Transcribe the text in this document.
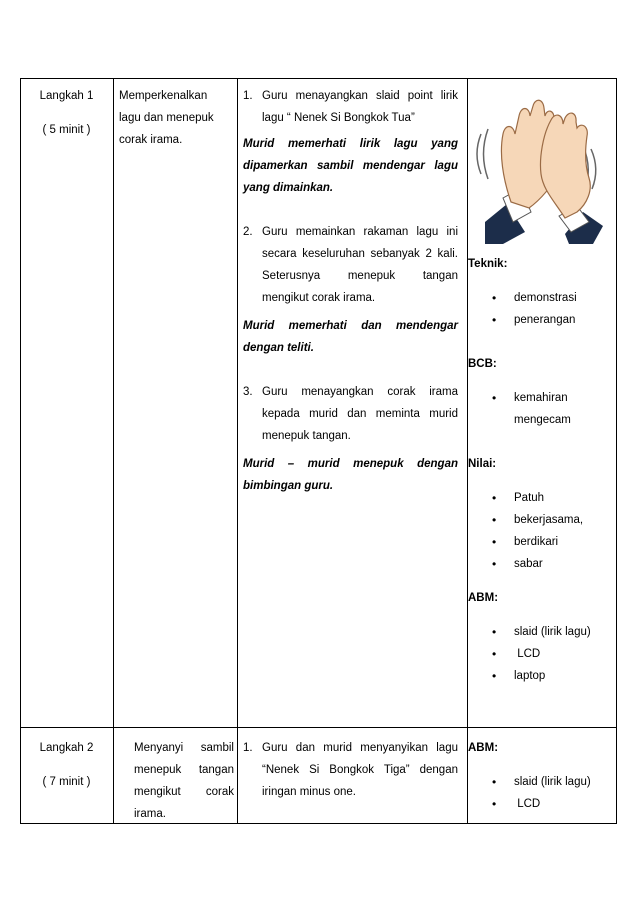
Langkah 1
( 5 minit )
Memperkenalkan
lagu dan menepuk
corak irama.
1. Guru menayangkan slaid point lirik lagu “ Nenek Si Bongkok Tua”
Murid memerhati lirik lagu yang dipamerkan sambil mendengar lagu yang dimainkan.
2. Guru memainkan rakaman lagu ini secara keseluruhan sebanyak 2 kali. Seterusnya menepuk tangan mengikut corak irama.
Murid memerhati dan mendengar dengan teliti.
3. Guru menayangkan corak irama kepada murid dan meminta murid menepuk tangan.
Murid – murid menepuk dengan bimbingan guru.
Teknik:
• demonstrasi
• penerangan
BCB:
• kemahiran mengecam
Nilai:
• Patuh
• bekerjasama,
• berdikari
• sabar
ABM:
• slaid (lirik lagu)
•  LCD
• laptop
Langkah 2
( 7 minit )
Menyanyi sambil
menepuk tangan
mengikut corak
irama.
1. Guru dan murid menyanyikan lagu “Nenek Si Bongkok Tiga” dengan iringan minus one.
ABM:
• slaid (lirik lagu)
•  LCD
